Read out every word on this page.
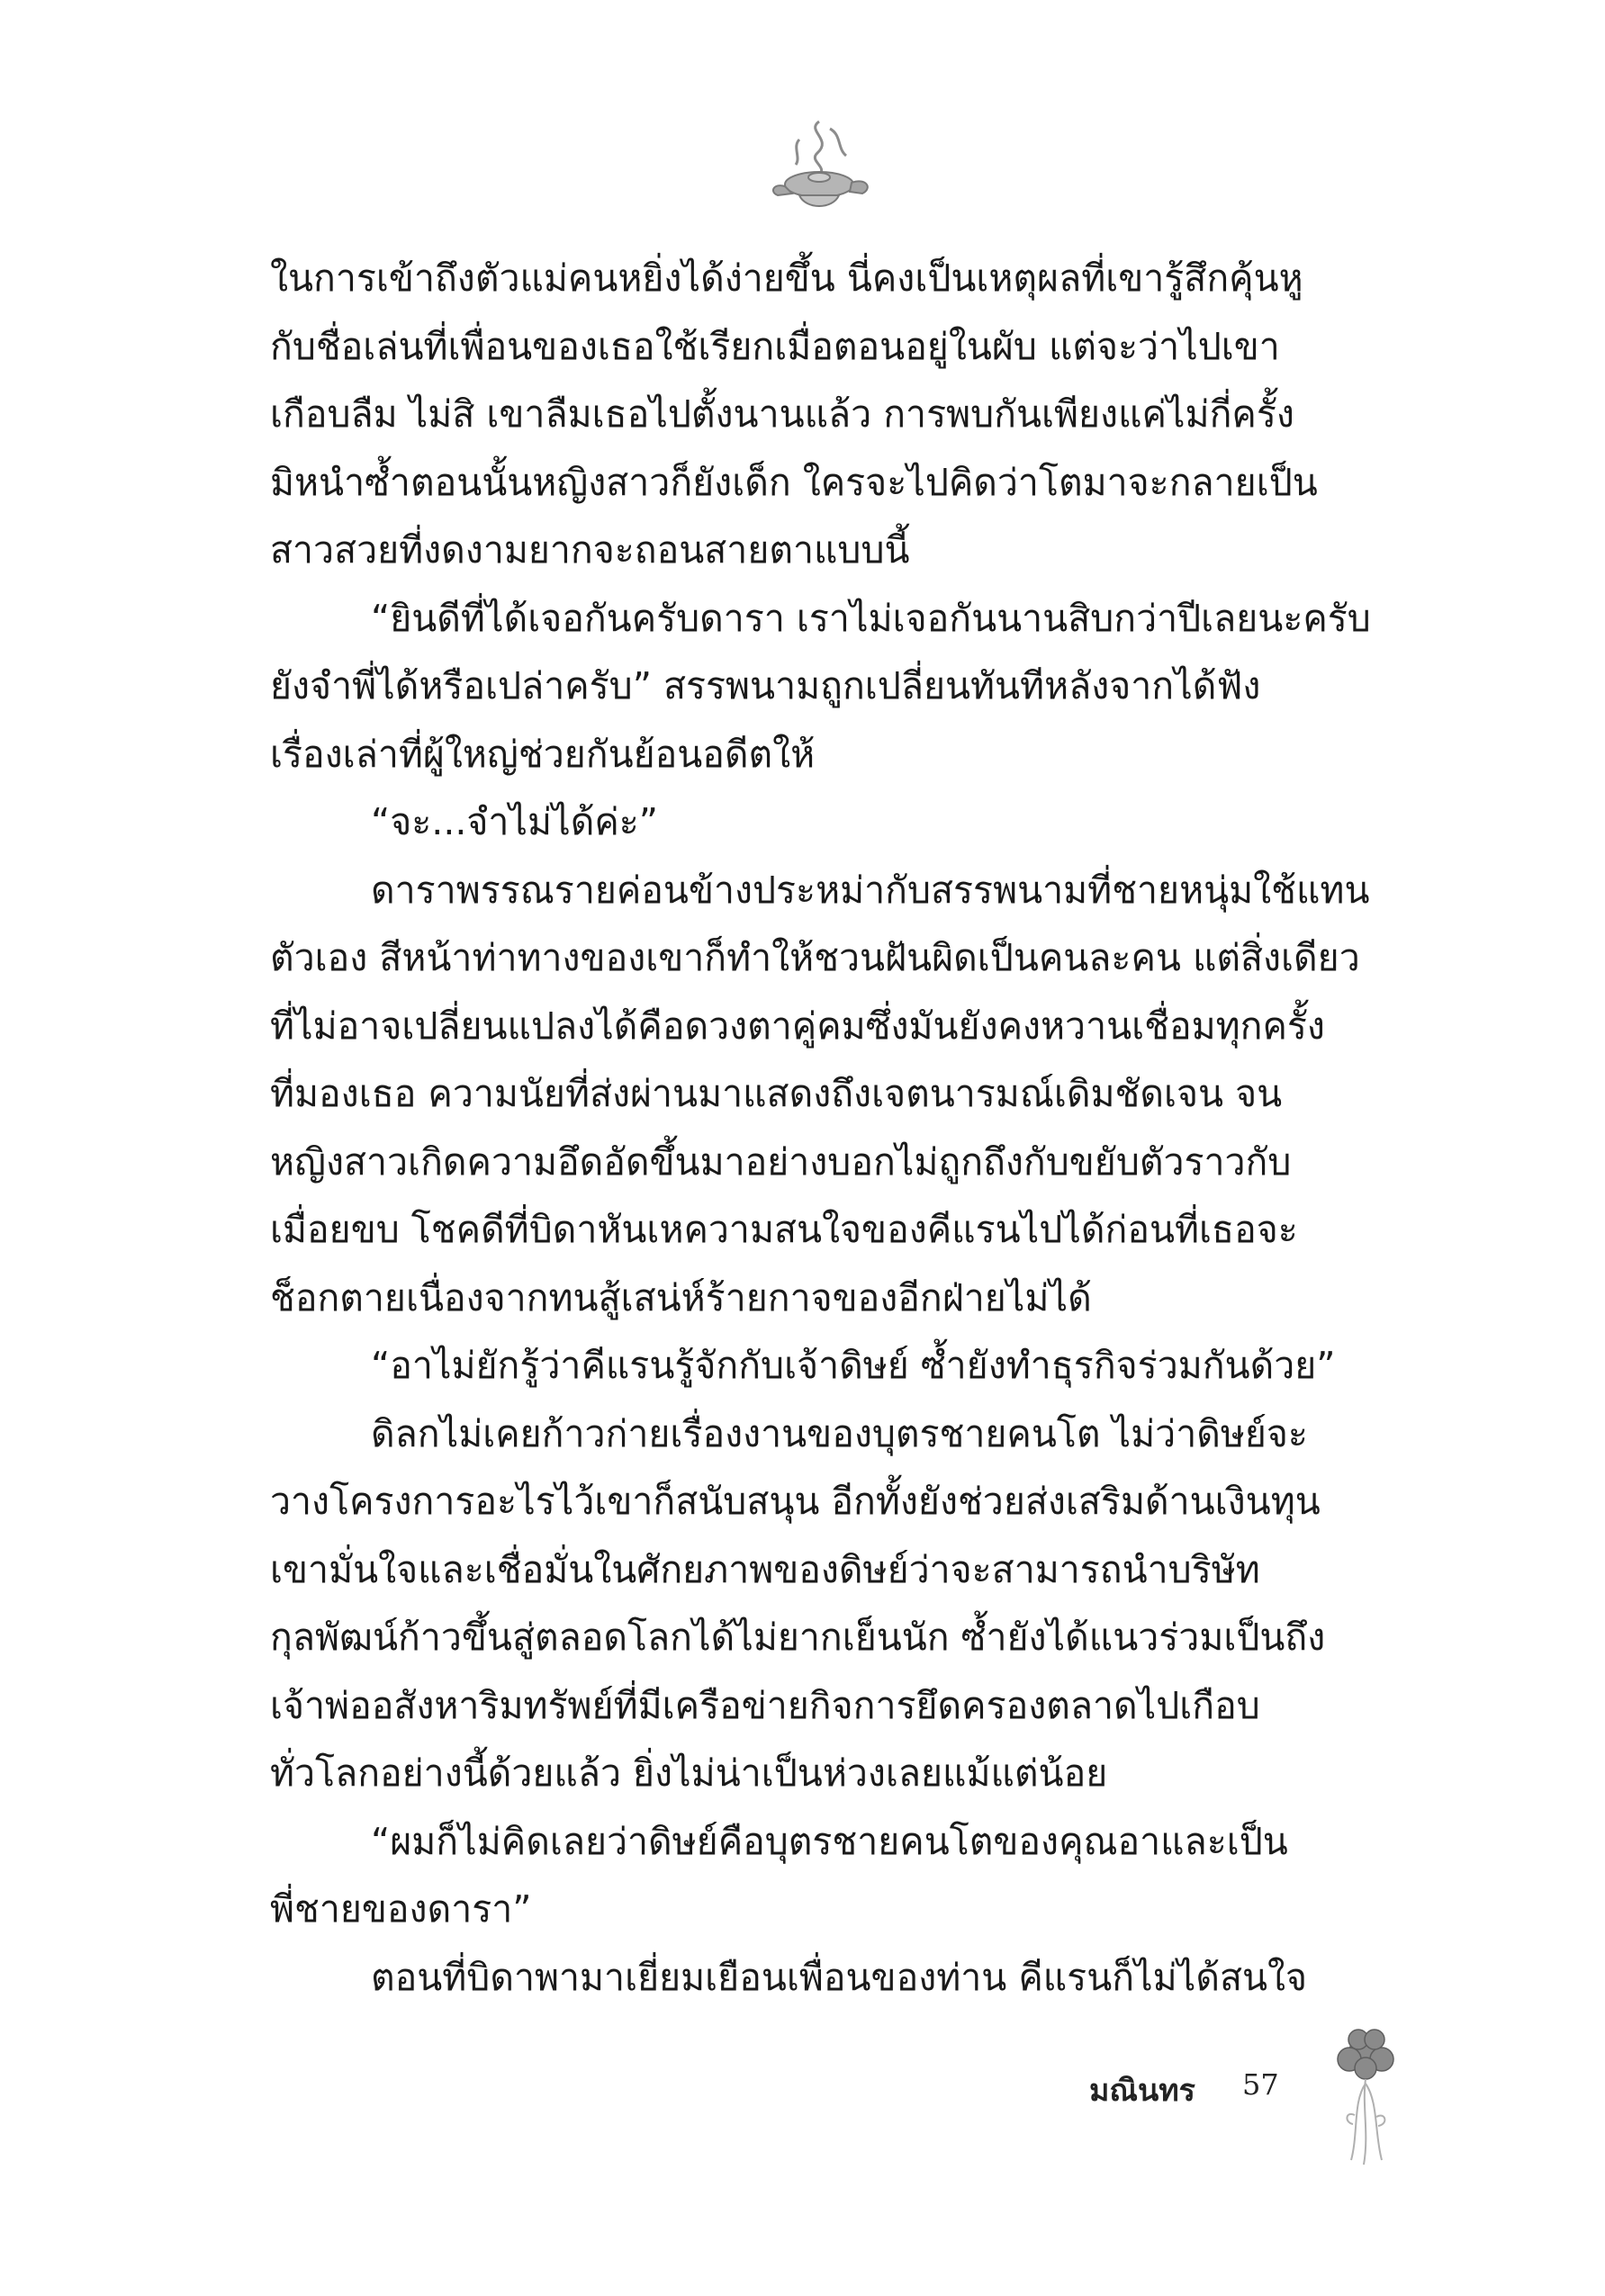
ในการเข้าถึงตัวแม่คนหยิ่งได้ง่ายขึ้น นี่คงเป็นเหตุผลที่เขารู้สึกคุ้นหู
กับชื่อเล่นที่เพื่อนของเธอใช้เรียกเมื่อตอนอยู่ในผับ แต่จะว่าไปเขา
เกือบลืม ไม่สิ เขาลืมเธอไปตั้งนานแล้ว การพบกันเพียงแค่ไม่กี่ครั้ง
มิหนำซ้ำตอนนั้นหญิงสาวก็ยังเด็ก ใครจะไปคิดว่าโตมาจะกลายเป็น
สาวสวยที่งดงามยากจะถอนสายตาแบบนี้
“ยินดีที่ได้เจอกันครับดารา เราไม่เจอกันนานสิบกว่าปีเลยนะครับ
ยังจำพี่ได้หรือเปล่าครับ” สรรพนามถูกเปลี่ยนทันทีหลังจากได้ฟัง
เรื่องเล่าที่ผู้ใหญ่ช่วยกันย้อนอดีตให้
“จะ...จำไม่ได้ค่ะ”
ดาราพรรณรายค่อนข้างประหม่ากับสรรพนามที่ชายหนุ่มใช้แทน
ตัวเอง สีหน้าท่าทางของเขาก็ทำให้ชวนฝันผิดเป็นคนละคน แต่สิ่งเดียว
ที่ไม่อาจเปลี่ยนแปลงได้คือดวงตาคู่คมซึ่งมันยังคงหวานเชื่อมทุกครั้ง
ที่มองเธอ ความนัยที่ส่งผ่านมาแสดงถึงเจตนารมณ์เดิมชัดเจน จน
หญิงสาวเกิดความอึดอัดขึ้นมาอย่างบอกไม่ถูกถึงกับขยับตัวราวกับ
เมื่อยขบ โชคดีที่บิดาหันเหความสนใจของคีแรนไปได้ก่อนที่เธอจะ
ช็อกตายเนื่องจากทนสู้เสน่ห์ร้ายกาจของอีกฝ่ายไม่ได้
“อาไม่ยักรู้ว่าคีแรนรู้จักกับเจ้าดิษย์ ซ้ำยังทำธุรกิจร่วมกันด้วย”
ดิลกไม่เคยก้าวก่ายเรื่องงานของบุตรชายคนโต ไม่ว่าดิษย์จะ
วางโครงการอะไรไว้เขาก็สนับสนุน อีกทั้งยังช่วยส่งเสริมด้านเงินทุน
เขามั่นใจและเชื่อมั่นในศักยภาพของดิษย์ว่าจะสามารถนำบริษัท
กุลพัฒน์ก้าวขึ้นสู่ตลอดโลกได้ไม่ยากเย็นนัก ซ้ำยังได้แนวร่วมเป็นถึง
เจ้าพ่ออสังหาริมทรัพย์ที่มีเครือข่ายกิจการยึดครองตลาดไปเกือบ
ทั่วโลกอย่างนี้ด้วยแล้ว ยิ่งไม่น่าเป็นห่วงเลยแม้แต่น้อย
“ผมก็ไม่คิดเลยว่าดิษย์คือบุตรชายคนโตของคุณอาและเป็น
พี่ชายของดารา”
ตอนที่บิดาพามาเยี่ยมเยือนเพื่อนของท่าน คีแรนก็ไม่ได้สนใจ
มณินทร 57
